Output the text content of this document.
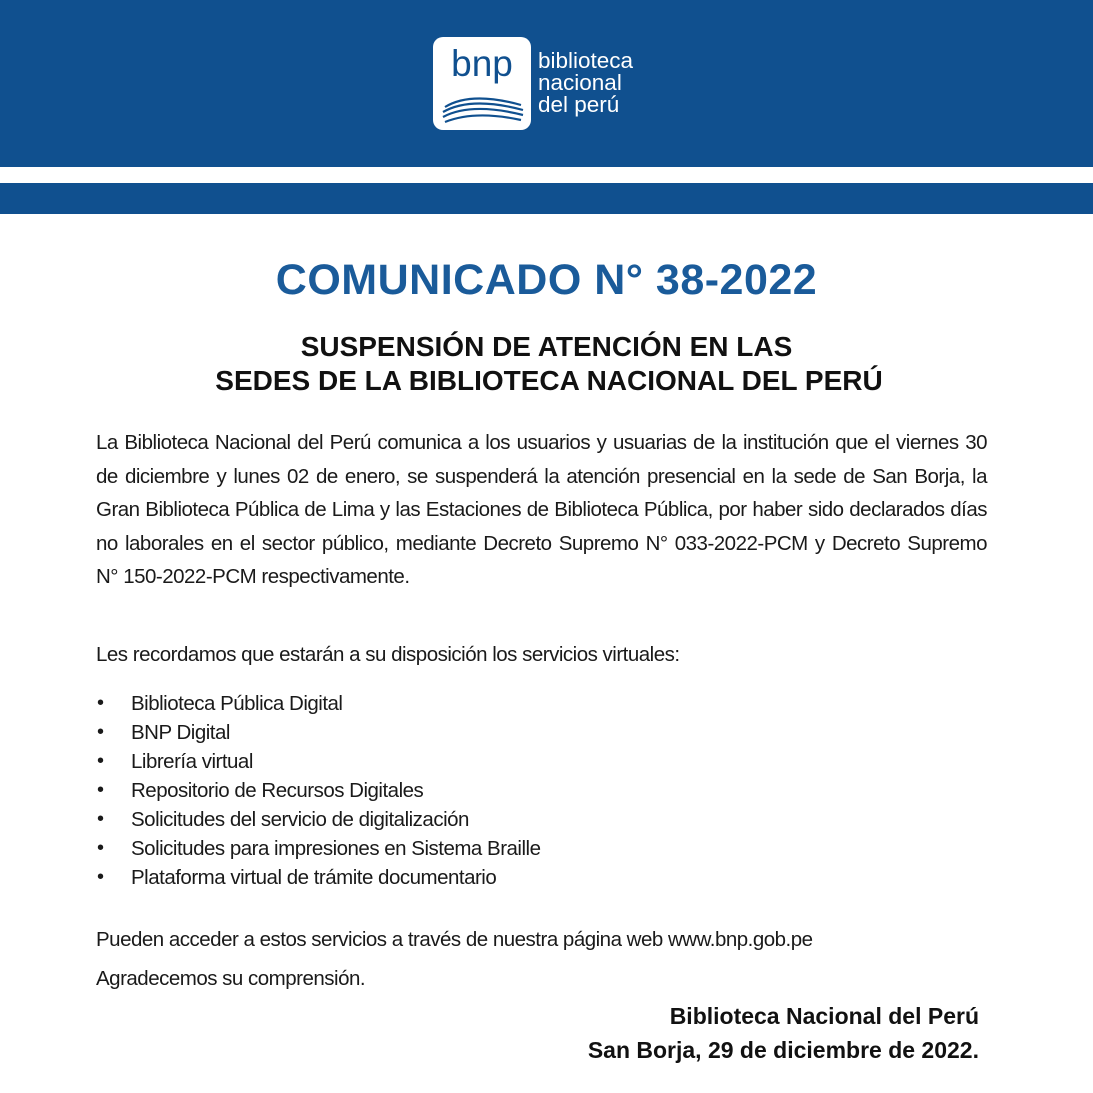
bnp	biblioteca
nacional
del perú
COMUNICADO N° 38-2022
SUSPENSIÓN DE ATENCIÓN EN LAS
SEDES DE LA BIBLIOTECA NACIONAL DEL PERÚ
La Biblioteca Nacional del Perú comunica a los usuarios y usuarias de la institución que el viernes 30 de diciembre y lunes 02 de enero, se suspenderá la atención presencial en la sede de San Borja, la Gran Biblioteca Pública de Lima y las Estaciones de Biblioteca Pública, por haber sido declarados días no laborales en el sector público, mediante Decreto Supremo N° 033-2022-PCM y Decreto Supremo N° 150-2022-PCM respectivamente.
Les recordamos que estarán a su disposición los servicios virtuales:
• Biblioteca Pública Digital
• BNP Digital
• Librería virtual
• Repositorio de Recursos Digitales
• Solicitudes del servicio de digitalización
• Solicitudes para impresiones en Sistema Braille
• Plataforma virtual de trámite documentario
Pueden acceder a estos servicios a través de nuestra página web www.bnp.gob.pe
Agradecemos su comprensión.
Biblioteca Nacional del Perú
San Borja, 29 de diciembre de 2022.
